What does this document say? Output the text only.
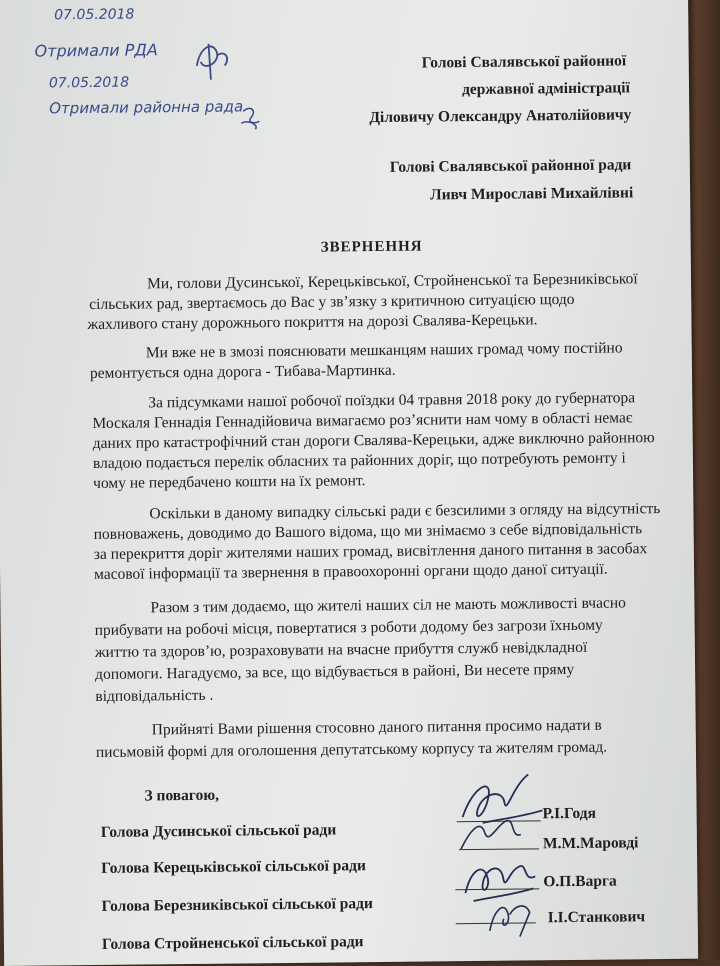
07.05.2018
Отримали РДА
07.05.2018
Отримали районна рада
Голові Свалявської районної
державної адміністрації
Діловичу Олександру Анатолійовичу
Голові Свалявської районної ради
Ливч Мирославі Михайлівні
ЗВЕРНЕННЯ
Ми, голови Дусинської, Керецьківської, Стройненської та Березниківської
сільських рад, звертаємось до Вас у звʼязку з критичною ситуацією щодо
жахливого стану дорожнього покриття на дорозі Свалява-Керецьки.
Ми вже не в змозі пояснювати мешканцям наших громад чому постійно
ремонтується одна дорога - Тибава-Мартинка.
За підсумками нашої робочої поїздки 04 травня 2018 року до губернатора
Москаля Геннадія Геннадійовича вимагаємо розʼяснити нам чому в області немає
даних про катастрофічний стан дороги Свалява-Керецьки, адже виключно районною
владою подається перелік обласних та районних доріг, що потребують ремонту і
чому не передбачено кошти на їх ремонт.
Оскільки в даному випадку сільські ради є безсилими з огляду на відсутність
повноважень, доводимо до Вашого відома, що ми знімаємо з себе відповідальність
за перекриття доріг жителями наших громад, висвітлення даного питання в засобах
масової інформації та звернення в правоохоронні органи щодо даної ситуації.
Разом з тим додаємо, що жителі наших сіл не мають можливості вчасно
прибувати на робочі місця, повертатися з роботи додому без загрози їхньому
життю та здоровʼю, розраховувати на вчасне прибуття служб невідкладної
допомоги. Нагадуємо, за все, що відбувається в районі, Ви несете пряму
відповідальність .
Прийняті Вами рішення стосовно даного питання просимо надати в
письмовій формі для оголошення депутатському корпусу та жителям громад.
З повагою,
Голова Дусинської сільської ради
Голова Керецьківської сільської ради
Голова Березниківської сільської ради
Голова Стройненської сільської ради
Р.І.Годя
М.М.Маровді
О.П.Варга
І.І.Станкович
